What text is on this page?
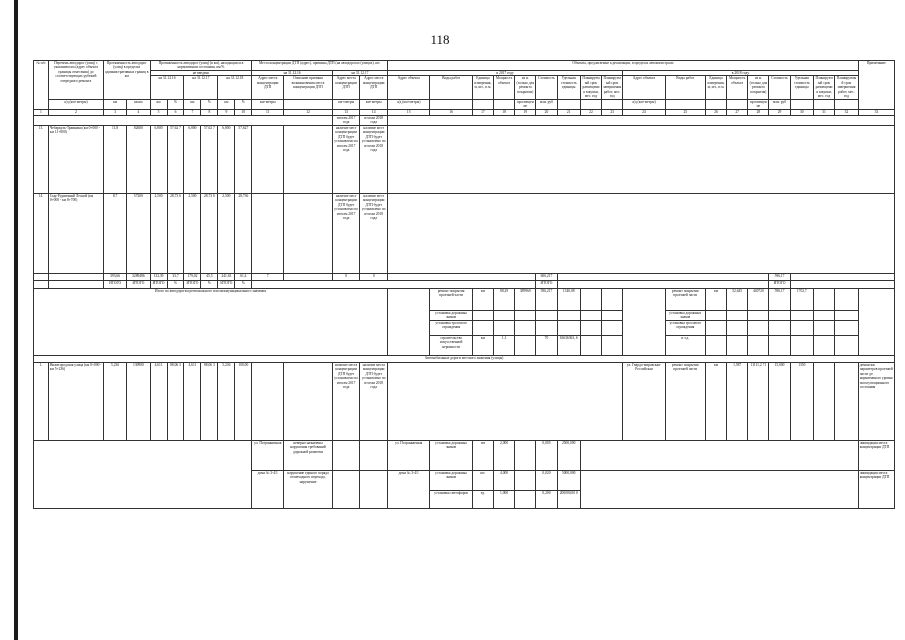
118
№ п/п	Перечень автодорог (улиц) с указанием км (адрес объекта границы отнесения) до соответствующих рубежей очередного ремонта	Протяженность автодорог (улиц) в пределах административных границ в км		Протяженность автодорог (улиц) (в км), находящихся в нормативном состоянии, км/%						Места концентрации ДТП (адрес), причины ДТП (на автодорогах (улицах), шт.				Объекты, предлагаемые к реализации, в пределах автомагистрали																		Примечание
				не введено						на 31.12.16		на 31.12.17		в 2017 году									в 2018 году									
				на 31.12.16		на 31.12.17		на 31.12.18		Адрес места концентрации ДТП	Описание причины возникновения места концентрации ДТП	Адрес места концентрации ДТП	Адрес места концентрации ДТП	Адрес объекта	Виды работ	Единица измерения, м, шт., п.м.	Мощность объекта	из н. (только для ремонта покрытия)	Стоимость	Удельная стоимость единицы	Планируемый срок размещения закупки, мес. год	Планируемый срок завершения работ, мес. год	Адрес объекта	Виды работ	Единица измерения, м, шт., п.м.	Мощность объекта	из н. (только для ремонта покрытия)	Стоимость	Удельная стоимость единицы	Планируемый срок размещения закупки, мес. год	Планируемый срок завершения работ, мес. год	
	а/д (км+метры)	км	кв.км	км	%	км	%	км	%	км+метры		км+метры	км+метры	а/д (км+метры)				просвещение	млн. руб				а/д (км+метры)				просвещение	млн. руб				
1	2	3	4	5	6	7	8	9	10	11	12	13	14	15	16	17	18	19	20	21	22	23	24	25	26	27	28	29	30	31	32	33
												итогам 2017 года	итогам 2018 года																			
13.	Чебаркуль-Травники (км 0+000 - км 11+800)	11,8	82600	6,800	57,62 7	6,800	57,62 7	6,800	57,627			наличие мест концентрации ДТП будет установлено по итогам 2017 года	наличие мест концентрации ДТП будет установлено по итогам 2018 года																			
14.	Сыр-Рудничный Лесной (км 0+000 - км 8+700)	8,7	57200	2,500	28,73 6	2,500	28,73 6	2,500	28,736			наличие мест концентрации ДТП будет установлено по итогам 2017 года	наличие мест концентрации ДТП будет установлено по итогам 2018 года																			
		393,66	3289486	132,39	33,7	179,02	45,5	241,63	61,4	7		0	0						606,217									596,17				
		ИТОГО	ИТОГО	ИТОГО	%	ИТОГО	%	ИТОГО	%										ИТОГО									ИТОГО				
Итого по автодорогам регионального или межмуниципального значения															ремонт покрытия проезжей части	км	88,29	389960	596,217	1340,08				ремонт покрытия проезжей части	км	52,645	440720	596,17	1702,7			
															установка дорожных знаков									установка дорожных знаков								
															установка тросового ограждения									установка тросового ограждения								
															строительство искусственной неровности	км	1,1		70	63636363, 6				и т.д.								
Автомобильные дороги местного значения (улицы)																																
1.	Нижегородская улица (км 0+000 - км 5+236)	5,236	130900	4,611	88,06 3	4,611	88,06 3	5,236	100,00			наличие места концентрации ДТП будет установлено по итогам 2017 года	наличие места концентрации ДТП будет установлено по итогам 2018 года										ул. Гвардо-мировская- Российская	ремонт покрытия проезжей части	км	1,587	11111,2 71	15,000	1350			демонтаж параметров проезжей части до нормативного уровня эксплуатационного состояния
										ул. Погранничная	неверно назначены нарушения требований дорожной разметки			ул. Погранничная	установка дорожных знаков	шт	2,000		0,005	2500,000												ликвидация места концентрации ДТП
										дома № 3-4/1	нарушение единого поряда пешеходного перехода, нарушение			дома № 3-4/1	установка дорожных знаков	шт.	4,000		0,020	5000,000												ликвидация места концентрации ДТП
															установка светофоров	ед.	1,000		0,200	200000,00 0												
